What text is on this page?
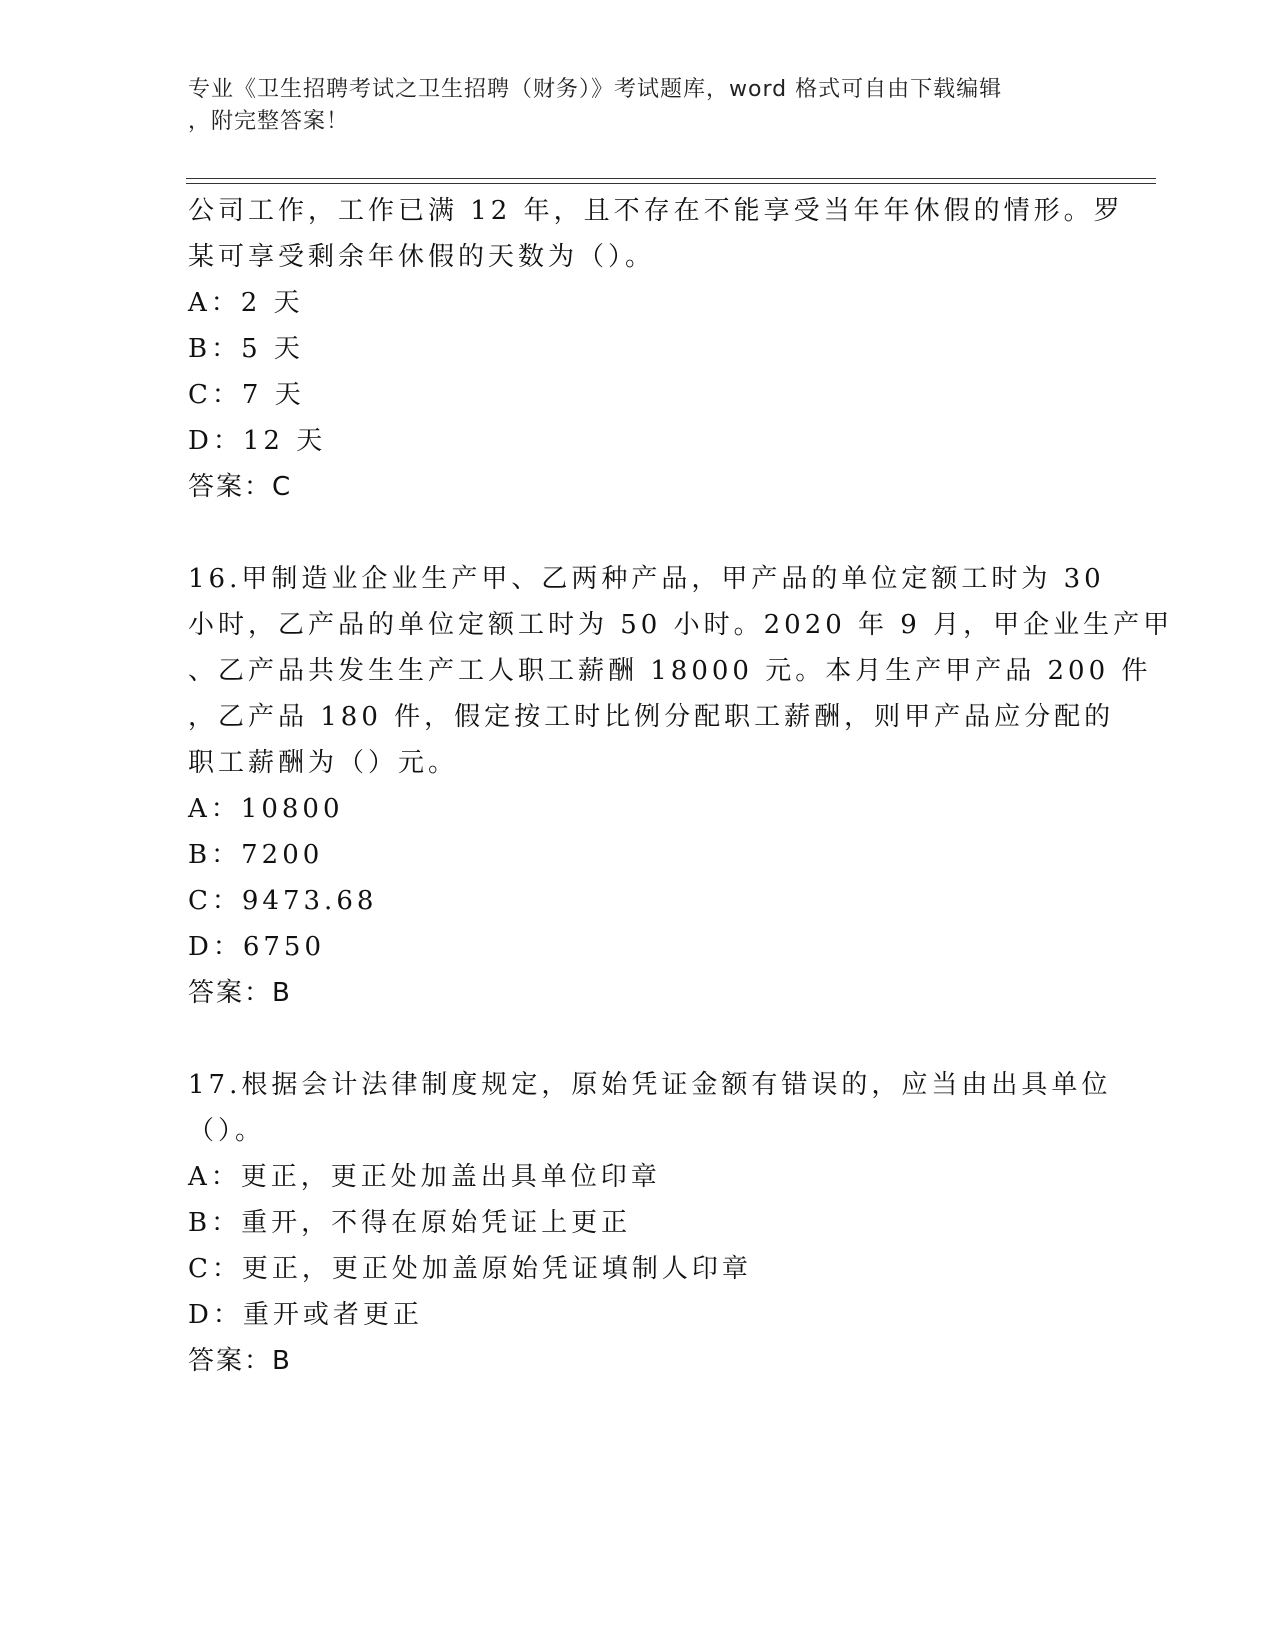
专业《卫生招聘考试之卫生招聘（财务）》考试题库，word 格式可自由下载编辑
，附完整答案！
公司工作，工作已满 12 年，且不存在不能享受当年年休假的情形。罗
某可享受剩余年休假的天数为（）。
A：2 天
B：5 天
C：7 天
D：12 天
答案：C
16.甲制造业企业生产甲、乙两种产品，甲产品的单位定额工时为 30
小时，乙产品的单位定额工时为 50 小时。2020 年 9 月，甲企业生产甲
、乙产品共发生生产工人职工薪酬 18000 元。本月生产甲产品 200 件
，乙产品 180 件，假定按工时比例分配职工薪酬，则甲产品应分配的
职工薪酬为（）元。
A：10800
B：7200
C：9473.68
D：6750
答案：B
17.根据会计法律制度规定，原始凭证金额有错误的，应当由出具单位
（）。
A：更正，更正处加盖出具单位印章
B：重开，不得在原始凭证上更正
C：更正，更正处加盖原始凭证填制人印章
D：重开或者更正
答案：B
